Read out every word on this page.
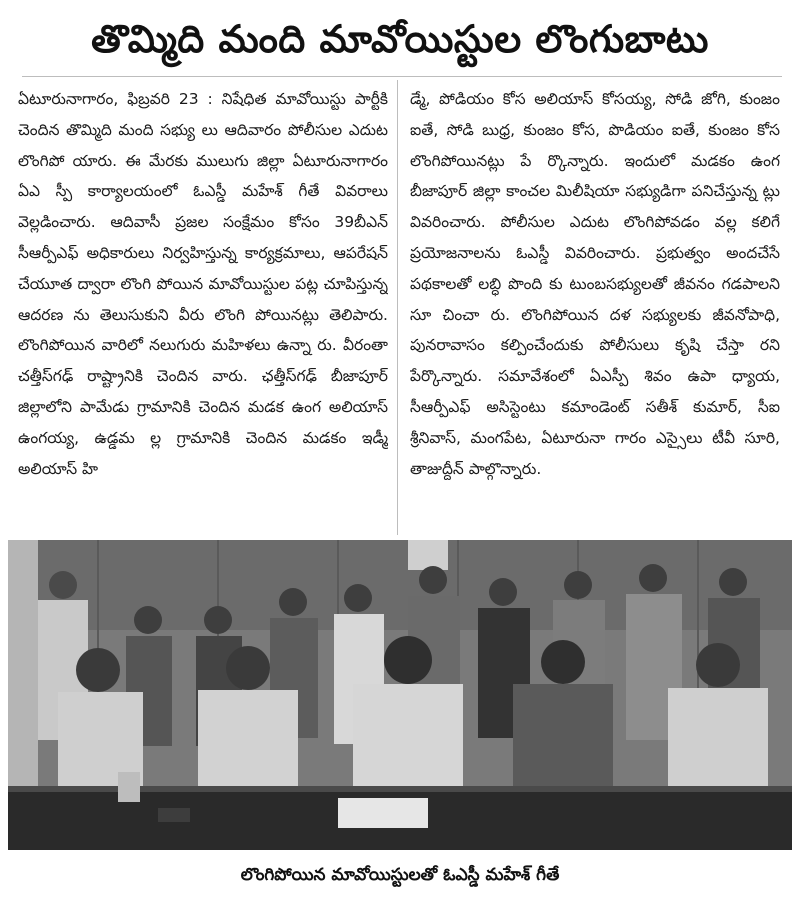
తొమ్మిది మంది మావోయిస్టుల లొంగుబాటు

ఏటూరునాగారం, ఫిబ్రవరి 23 : నిషేధిత మావోయిస్టు పార్టీకి చెందిన తొమ్మిది మంది సభ్యు లు ఆదివారం పోలీసుల ఎదుట లొంగిపో యారు. ఈ మేరకు ములుగు జిల్లా ఏటూరునాగారం ఏఎ స్పీ కార్యాలయంలో ఓఎస్డీ మహేశ్ గీతే వివరాలు వెల్లడించారు. ఆదివాసీ ప్రజల సంక్షేమం కోసం 39బీఎన్ సీఆర్పీఎఫ్ అధికారులు నిర్వహిస్తున్న కార్యక్రమాలు, ఆపరేషన్ చేయూత ద్వారా లొంగి పోయిన మావోయిస్టుల పట్ల చూపిస్తున్న ఆదరణ ను తెలుసుకుని వీరు లొంగి పోయినట్లు తెలిపారు. లొంగిపోయిన వారిలో నలుగురు మహిళలు ఉన్నా రు. వీరంతా చత్తీస్‌గఢ్ రాష్ట్రానికి చెందిన వారు. ఛత్తీస్‌గఢ్ బీజాపూర్ జిల్లాలోని పామేడు గ్రామానికి చెందిన మడక ఉంగ అలియాస్ ఉంగయ్య, ఉడ్డమ ల్ల గ్రామానికి చెందిన మడకం ఇడ్మీ అలియాస్ హి

డ్మే, పోడియం కోస అలియాస్ కోసయ్య, సోడి జోగి, కుంజం ఐతే, సోడి బుధ్ర, కుంజం కోస, పొడియం ఐతే, కుంజం కోస లొంగిపోయినట్లు పే ర్కొన్నారు. ఇందులో మడకం ఉంగ బీజాపూర్ జిల్లా కాంచల మిలీషియా సభ్యుడిగా పనిచేస్తున్న ట్లు వివరించారు. పోలీసుల ఎదుట లొంగిపోవడం వల్ల కలిగే ప్రయోజనాలను ఓఎస్డీ వివరించారు. ప్రభుత్వం అందచేసే పథకాలతో లబ్ధి పొంది కు టుంబసభ్యులతో జీవనం గడపాలని సూ చించా రు. లొంగిపోయిన దళ సభ్యులకు జీవనోపాధి, పునరావాసం కల్పించేందుకు పోలీసులు కృషి చేస్తా రని పేర్కొన్నారు. సమావేశంలో ఏఎస్పీ శివం ఉపా ధ్యాయ, సీఆర్పీఎఫ్ అసిస్టెంటు కమాండెంట్ సతీశ్ కుమార్, సీఐ శ్రీనివాస్, మంగపేట, ఏటూరునా గారం ఎస్సైలు టీవీ సూరి, తాజుద్దీన్ పాల్గొన్నారు.

లొంగిపోయిన మావోయిస్టులతో ఓఎస్డీ మహేశ్ గీతే
